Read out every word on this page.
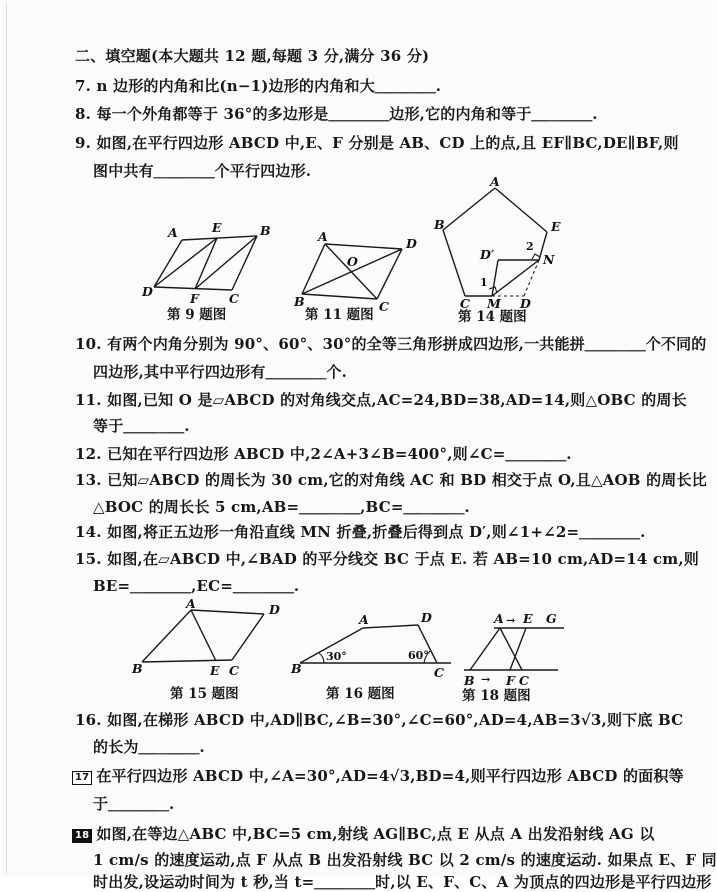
二、填空题(本大题共 12 题,每题 3 分,满分 36 分)
7. n 边形的内角和比(n−1)边形的内角和大＿＿＿＿.
8. 每一个外角都等于 36°的多边形是＿＿＿＿边形,它的内角和等于＿＿＿＿.
9. 如图,在平行四边形 ABCD 中,E、F 分别是 AB、CD 上的点,且 EF∥BC,DE∥BF,则
图中共有＿＿＿＿个平行四边形.
10. 有两个内角分别为 90°、60°、30°的全等三角形拼成四边形,一共能拼＿＿＿＿个不同的
四边形,其中平行四边形有＿＿＿＿个.
11. 如图,已知 O 是▱ABCD 的对角线交点,AC=24,BD=38,AD=14,则△OBC 的周长
等于＿＿＿＿.
12. 已知在平行四边形 ABCD 中,2∠A+3∠B=400°,则∠C=＿＿＿＿.
13. 已知▱ABCD 的周长为 30 cm,它的对角线 AC 和 BD 相交于点 O,且△AOB 的周长比
△BOC 的周长长 5 cm,AB=＿＿＿＿,BC=＿＿＿＿.
14. 如图,将正五边形一角沿直线 MN 折叠,折叠后得到点 D′,则∠1+∠2=＿＿＿＿.
15. 如图,在▱ABCD 中,∠BAD 的平分线交 BC 于点 E. 若 AB=10 cm,AD=14 cm,则
BE=＿＿＿＿,EC=＿＿＿＿.
16. 如图,在梯形 ABCD 中,AD∥BC,∠B=30°,∠C=60°,AD=4,AB=3√3,则下底 BC
的长为＿＿＿＿.
17 在平行四边形 ABCD 中,∠A=30°,AD=4√3,BD=4,则平行四边形 ABCD 的面积等
于＿＿＿＿.
18 如图,在等边△ABC 中,BC=5 cm,射线 AG∥BC,点 E 从点 A 出发沿射线 AG 以
1 cm/s 的速度运动,点 F 从点 B 出发沿射线 BC 以 2 cm/s 的速度运动. 如果点 E、F 同
时出发,设运动时间为 t 秒,当 t=＿＿＿＿时,以 E、F、C、A 为顶点的四边形是平行四边形
A	E	B
D	F C
第 9 题图
A	D
B	C
O
第 11 题图
A
B	E
C M D
D′	N
1
2
第 14 题图
A	D
B	E C
第 15 题图
B
A	D
C
30°	60°
第 16 题图
A → E G
B → F C
第 18 题图
